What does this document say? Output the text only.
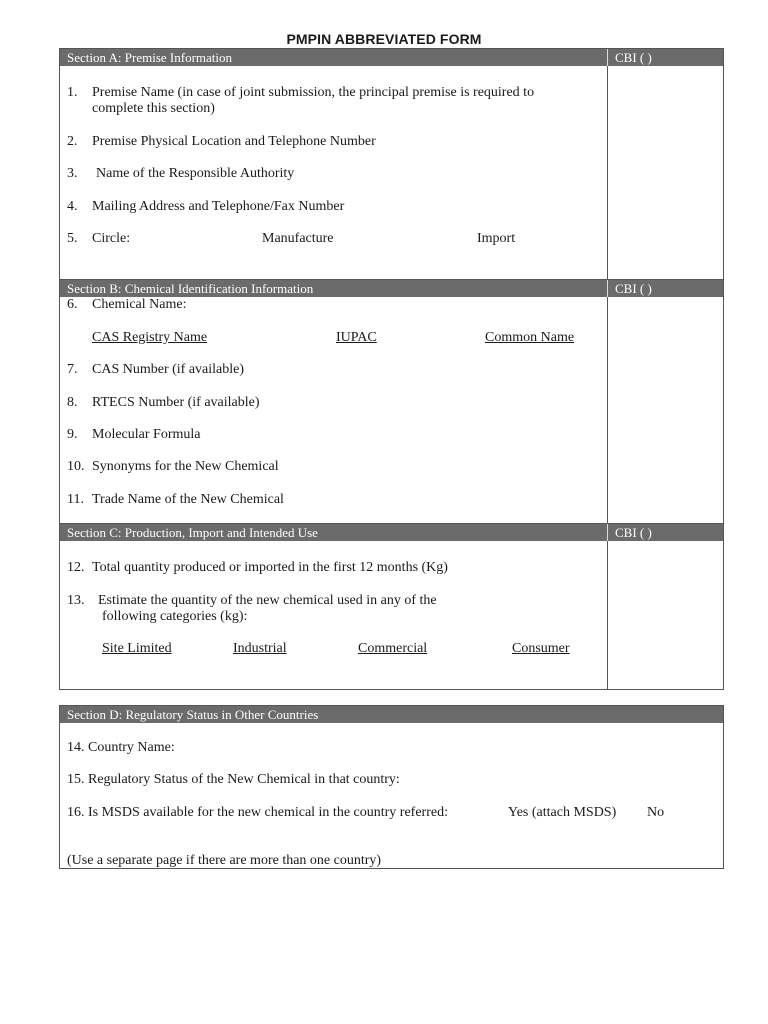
PMPIN ABBREVIATED FORM
Section A: Premise Information	CBI ( )
1. Premise Name (in case of joint submission, the principal premise is required to
complete this section)
2. Premise Physical Location and Telephone Number
3. Name of the Responsible Authority
4. Mailing Address and Telephone/Fax Number
5. Circle:	Manufacture	Import
Section B: Chemical Identification Information	CBI ( )
6. Chemical Name:
CAS Registry Name	IUPAC	Common Name
7. CAS Number (if available)
8. RTECS Number (if available)
9. Molecular Formula
10. Synonyms for the New Chemical
11. Trade Name of the New Chemical
Section C: Production, Import and Intended Use	CBI ( )
12. Total quantity produced or imported in the first 12 months (Kg)
13. Estimate the quantity of the new chemical used in any of the
following categories (kg):
Site Limited	Industrial	Commercial	Consumer
Section D: Regulatory Status in Other Countries
14. Country Name:
15. Regulatory Status of the New Chemical in that country:
16. Is MSDS available for the new chemical in the country referred:	Yes (attach MSDS) No
(Use a separate page if there are more than one country)
